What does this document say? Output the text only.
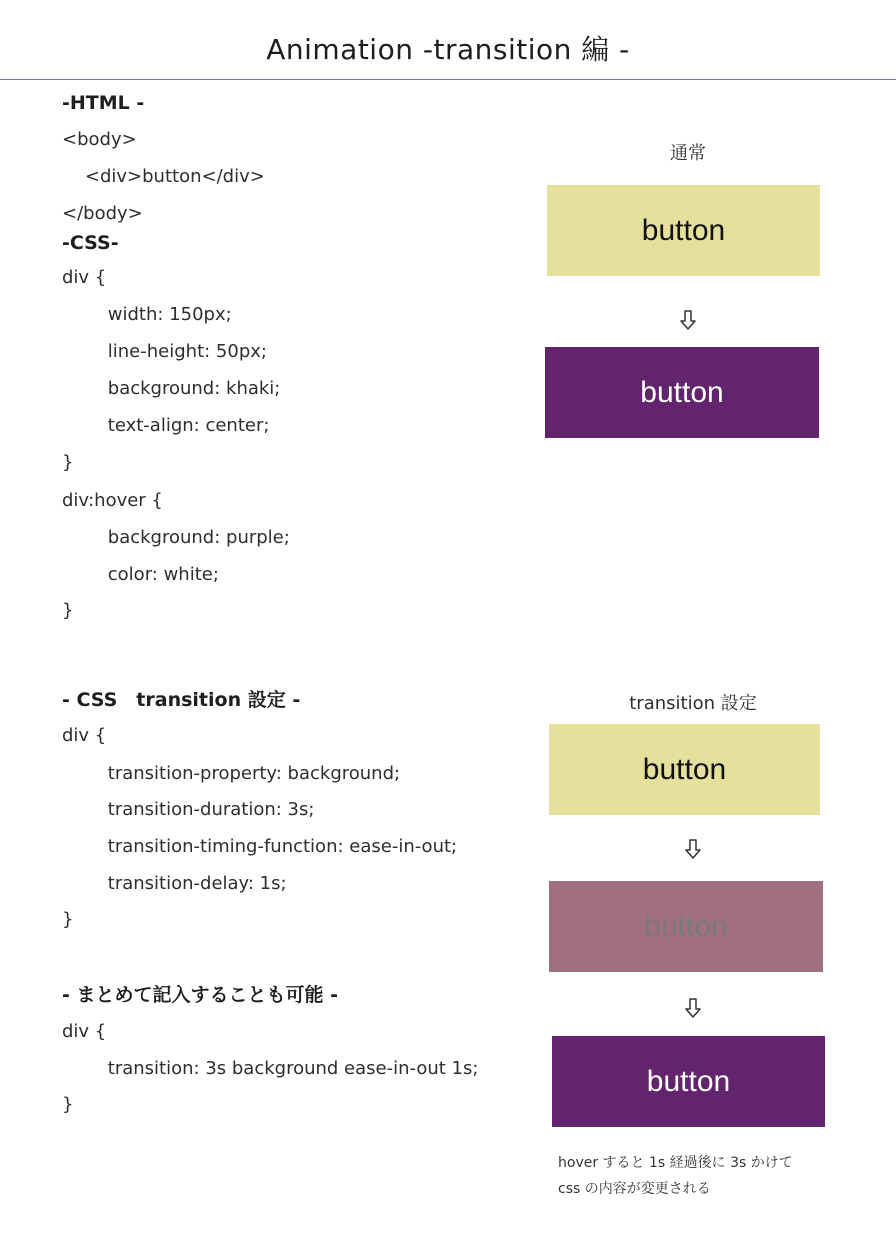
Animation -transition 編 -
-HTML -
<body>
<div>button</div>
</body>
-CSS-
div {
width: 150px;
line-height: 50px;
background: khaki;
text-align: center;
}
div:hover {
background: purple;
color: white;
}
- CSS　transition 設定 -
div {
transition-property: background;
transition-duration: 3s;
transition-timing-function: ease-in-out;
transition-delay: 1s;
}
- まとめて記入することも可能 -
div {
transition: 3s background ease-in-out 1s;
}
通常
button
button
transition 設定
button
button
button
hover すると 1s 経過後に 3s かけて
css の内容が変更される
